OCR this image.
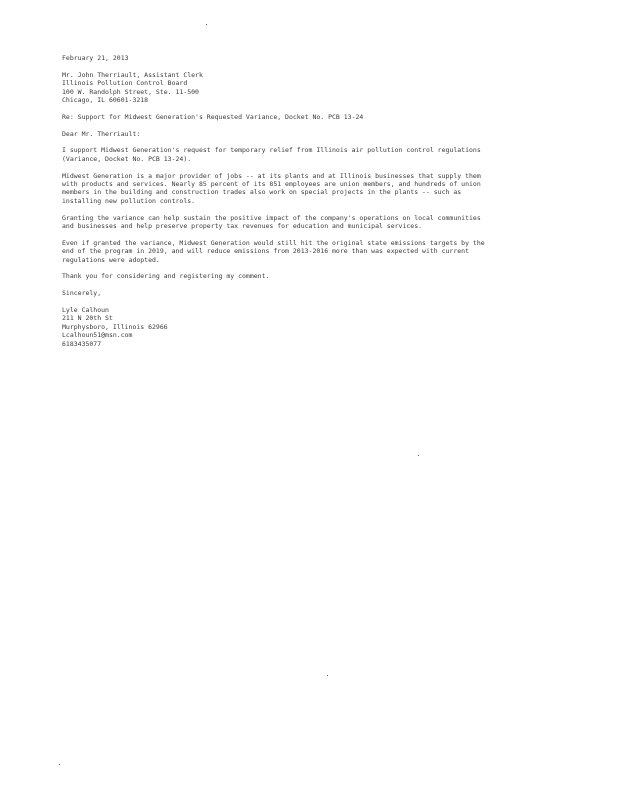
February 21, 2013
Mr. John Therriault, Assistant Clerk
Illinois Pollution Control Board
100 W. Randolph Street, Ste. 11-500
Chicago, IL 60601-3218
Re: Support for Midwest Generation's Requested Variance, Docket No. PCB 13-24
Dear Mr. Therriault:
I support Midwest Generation's request for temporary relief from Illinois air pollution control regulations
(Variance, Docket No. PCB 13-24).
Midwest Generation is a major provider of jobs -- at its plants and at Illinois businesses that supply them
with products and services. Nearly 85 percent of its 851 employees are union members, and hundreds of union
members in the building and construction trades also work on special projects in the plants -- such as
installing new pollution controls.
Granting the variance can help sustain the positive impact of the company's operations on local communities
and businesses and help preserve property tax revenues for education and municipal services.
Even if granted the variance, Midwest Generation would still hit the original state emissions targets by the
end of the program in 2019, and will reduce emissions from 2013-2016 more than was expected with current
regulations were adopted.
Thank you for considering and registering my comment.
Sincerely,
Lyle Calhoun
211 N 20th St
Murphysboro, Illinois 62966
Lcalhoun51@msn.com
6183435077
